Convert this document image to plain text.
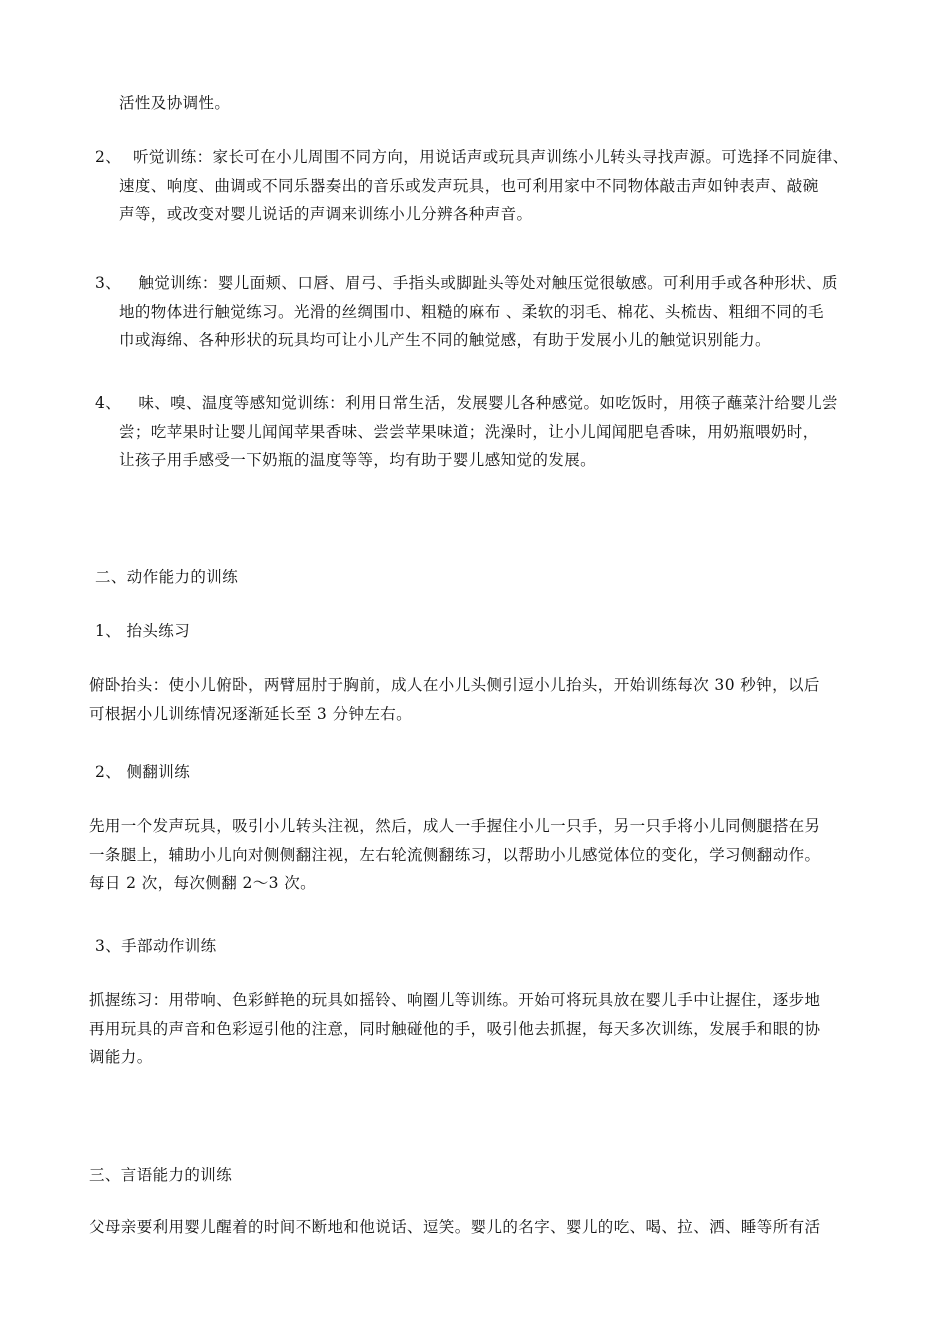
活性及协调性。
2、 听觉训练：家长可在小儿周围不同方向，用说话声或玩具声训练小儿转头寻找声源。可选择不同旋律、
速度、响度、曲调或不同乐器奏出的音乐或发声玩具，也可利用家中不同物体敲击声如钟表声、敲碗
声等，或改变对婴儿说话的声调来训练小儿分辨各种声音。
3、 触觉训练：婴儿面颊、口唇、眉弓、手指头或脚趾头等处对触压觉很敏感。可利用手或各种形状、质
地的物体进行触觉练习。光滑的丝绸围巾、粗糙的麻布 、柔软的羽毛、棉花、头梳齿、粗细不同的毛
巾或海绵、各种形状的玩具均可让小儿产生不同的触觉感，有助于发展小儿的触觉识别能力。
4、 味、嗅、温度等感知觉训练：利用日常生活，发展婴儿各种感觉。如吃饭时，用筷子蘸菜汁给婴儿尝
尝；吃苹果时让婴儿闻闻苹果香味、尝尝苹果味道；洗澡时，让小儿闻闻肥皂香味，用奶瓶喂奶时，
让孩子用手感受一下奶瓶的温度等等，均有助于婴儿感知觉的发展。
二、动作能力的训练
1、 抬头练习
俯卧抬头：使小儿俯卧，两臂屈肘于胸前，成人在小儿头侧引逗小儿抬头，开始训练每次 30 秒钟，以后
可根据小儿训练情况逐渐延长至 3 分钟左右。
2、 侧翻训练
先用一个发声玩具，吸引小儿转头注视，然后，成人一手握住小儿一只手，另一只手将小儿同侧腿搭在另
一条腿上，辅助小儿向对侧侧翻注视，左右轮流侧翻练习，以帮助小儿感觉体位的变化，学习侧翻动作。
每日 2 次，每次侧翻 2～3 次。
3、手部动作训练
抓握练习：用带响、色彩鲜艳的玩具如摇铃、响圈儿等训练。开始可将玩具放在婴儿手中让握住，逐步地
再用玩具的声音和色彩逗引他的注意，同时触碰他的手，吸引他去抓握，每天多次训练，发展手和眼的协
调能力。
三、言语能力的训练
父母亲要利用婴儿醒着的时间不断地和他说话、逗笑。婴儿的名字、婴儿的吃、喝、拉、洒、睡等所有活
